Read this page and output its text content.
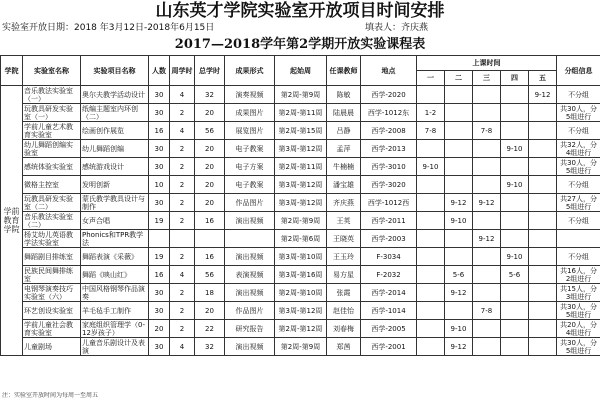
山东英才学院实验室开放项目时间安排
实验室开放日期：2018 年3月12日-2018年6月15日	填表人：齐庆燕
2017—2018学年第2学期开放实验课程表
学院	实验室名称	实验项目名称	人数	周学时	总学时	成果形式	起始周	任课教师	地点	上课时间					分组信息
										一	二	三	四	五	
学前教育学院	音乐教法实验室（一）	奥尔夫教学活动设计	30	4	32	演奏视频	第2周-第9周	陈敏	西学-2020					9-12	不分组
	玩教具研发实验室（一）	纸编主题室内环创（二）	30	2	20	成果图片	第2周-第11周	陆晨晨	西学-1012东	1-2					共30人，分5组进行
	学前儿童艺术教育实验室	绘画创作展览	16	4	56	展览图片	第2周-第15周	吕静	西学-2008	7-8		7-8			不分组
	幼儿舞蹈创编实验室	幼儿舞蹈创编	30	2	20	电子教案	第3周-第12周	孟萍	西学-2013				9-10		共32人，分4组进行
	感统体验实验室	感统游戏设计	30	2	20	电子方案	第2周-第11周	牛楠楠	西学-3010	9-10					共30人，分5组进行
	微格主控室	发明创新	10	2	20	电子教案	第3周-第12周	潘宝雄	西学-3020				9-10		不分组
	玩教具研发实验室（二）	蒙氏教学教具设计与制作	30	2	20	作品图片	第3周-第12周	齐庆燕	西学-1012西		9-12	9-12			共27人，分5组进行
	音乐教法实验室（二）	女声合唱	19	2	16	演出视频	第2周-第9周	王英	西学-2011		9-10				不分组
	杨艾幼儿英语教学法实验室	Phonics和TPR教学法					第2周-第6周	王晓英	西学-2003			9-12			
	舞蹈剧目排练室	舞蹈表演《采薇》	19	2	16	演出视频	第3周-第10周	王玉玲	F-3034				9-10		不分组
	民族民间舞排练室	舞蹈《映山红》	16	4	56	表演视频	第3周-第16周	易方星	F-2032		5-6		5-6		共16人，分2组进行
	电钢琴演奏技巧实验室（六）	中国风格钢琴作品演奏	30	2	18	演出视频	第2周-第10周	张霞	西学-2014		9-12				共15人，分3组进行
	环艺创设实验室	羊毛毡手工制作	30	2	20	作品图片	第3周-第12周	赵佳怡	西学-1014			7-8			共30人，分5组进行
	学前儿童社会教育实验室	家庭组织管理学（0-12岁孩子）	20	2	22	研究报告	第2周-第12周	刘春梅	西学-2005		9-10				共20人，分4组进行
	儿童剧场	儿童音乐剧设计及表演	30	4	32	演出视频	第2周-第9周	郑茜	西学-2001		9-12				共30人，分5组进行
注：实验室开放时间为每周一至周五
